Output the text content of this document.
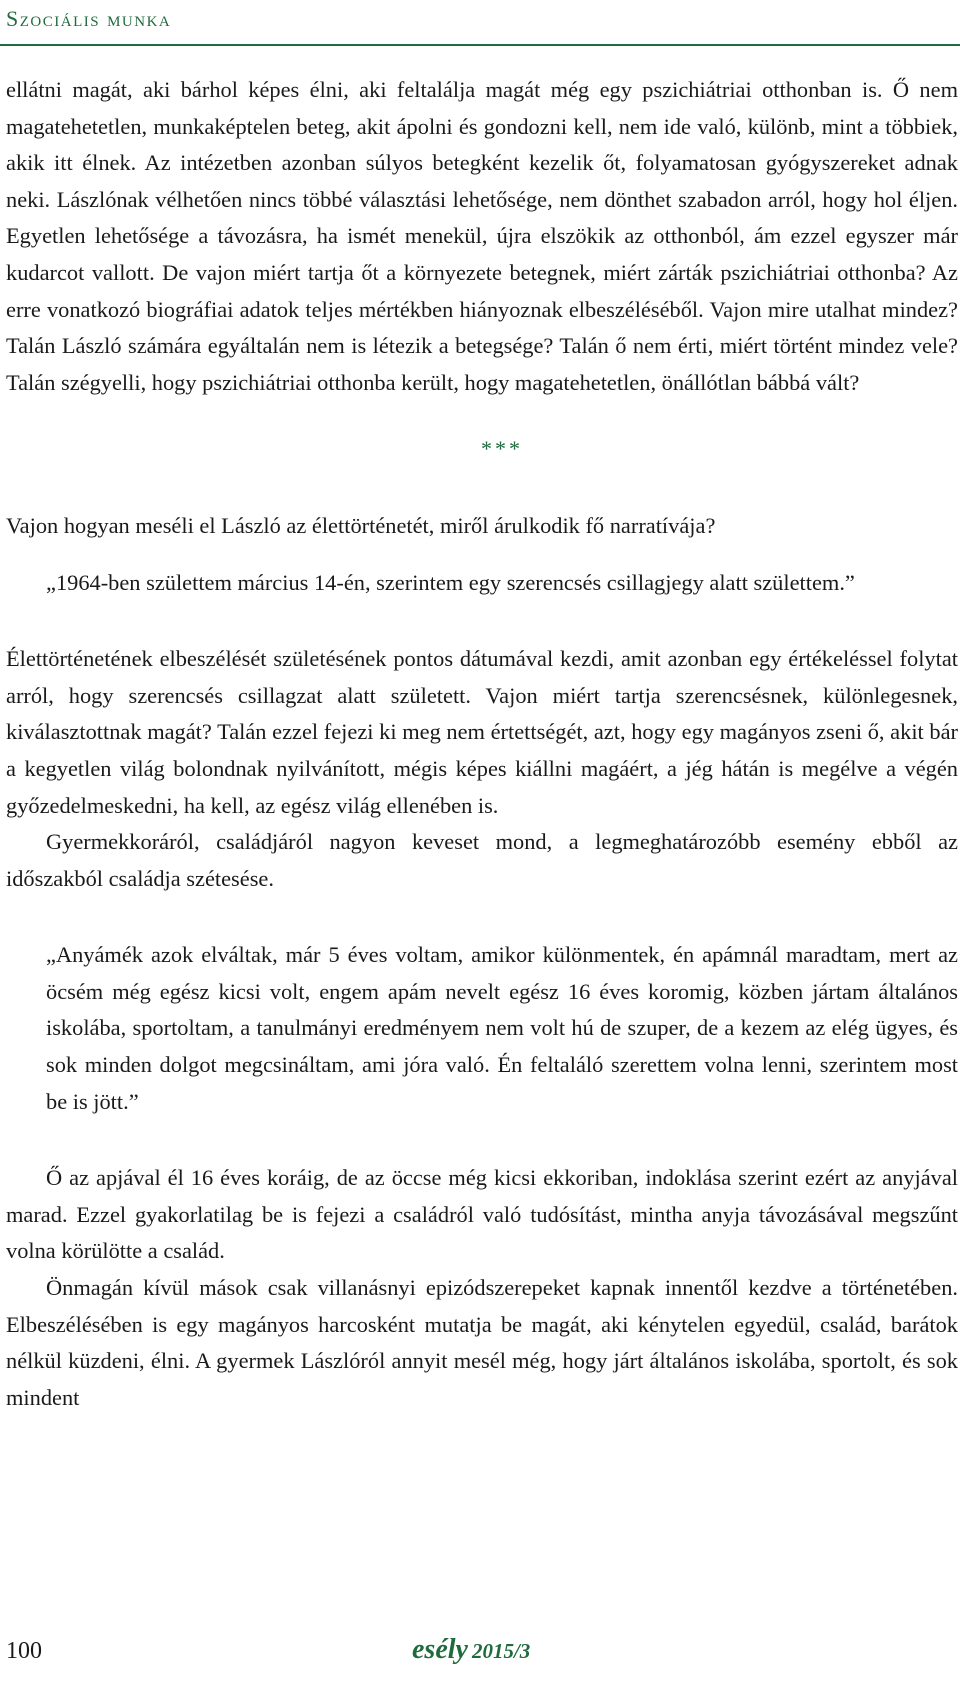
Szociális munka

ellátni magát, aki bárhol képes élni, aki feltalálja magát még egy pszichiátriai otthonban is. Ő nem magatehetetlen, munkaképtelen beteg, akit ápolni és gondozni kell, nem ide való, különb, mint a többiek, akik itt élnek. Az intézetben azonban súlyos betegként kezelik őt, folyamatosan gyógyszereket adnak neki. Lászlónak vélhetően nincs többé választási lehetősége, nem dönthet szabadon arról, hogy hol éljen. Egyetlen lehetősége a távozásra, ha ismét menekül, újra elszökik az otthonból, ám ezzel egyszer már kudarcot vallott. De vajon miért tartja őt a környezete betegnek, miért zárták pszichiátriai otthonba? Az erre vonatkozó biográfiai adatok teljes mértékben hiányoznak elbeszéléséből. Vajon mire utalhat mindez? Talán László számára egyáltalán nem is létezik a betegsége? Talán ő nem érti, miért történt mindez vele? Talán szégyelli, hogy pszichiátriai otthonba került, hogy magatehetetlen, önállótlan bábbá vált?

***

Vajon hogyan meséli el László az élettörténetét, miről árulkodik fő narratívája?

„1964-ben születtem március 14-én, szerintem egy szerencsés csillagjegy alatt születtem.”

Élettörténetének elbeszélését születésének pontos dátumával kezdi, amit azonban egy értékeléssel folytat arról, hogy szerencsés csillagzat alatt született. Vajon miért tartja szerencsésnek, különlegesnek, kiválasztottnak magát? Talán ezzel fejezi ki meg nem értettségét, azt, hogy egy magányos zseni ő, akit bár a kegyetlen világ bolondnak nyilvánított, mégis képes kiállni magáért, a jég hátán is megélve a végén győzedelmeskedni, ha kell, az egész világ ellenében is.

Gyermekkoráról, családjáról nagyon keveset mond, a legmeghatározóbb esemény ebből az időszakból családja szétesése.

„Anyámék azok elváltak, már 5 éves voltam, amikor különmentek, én apámnál maradtam, mert az öcsém még egész kicsi volt, engem apám nevelt egész 16 éves koromig, közben jártam általános iskolába, sportoltam, a tanulmányi eredményem nem volt hú de szuper, de a kezem az elég ügyes, és sok minden dolgot megcsináltam, ami jóra való. Én feltaláló szerettem volna lenni, szerintem most be is jött.”

Ő az apjával él 16 éves koráig, de az öccse még kicsi ekkoriban, indoklása szerint ezért az anyjával marad. Ezzel gyakorlatilag be is fejezi a családról való tudósítást, mintha anyja távozásával megszűnt volna körülötte a család.

Önmagán kívül mások csak villanásnyi epizódszerepeket kapnak innentől kezdve a történetében. Elbeszélésében is egy magányos harcosként mutatja be magát, aki kénytelen egyedül, család, barátok nélkül küzdeni, élni. A gyermek Lászlóról annyit mesél még, hogy járt általános iskolába, sportolt, és sok mindent

100	esély 2015/3
